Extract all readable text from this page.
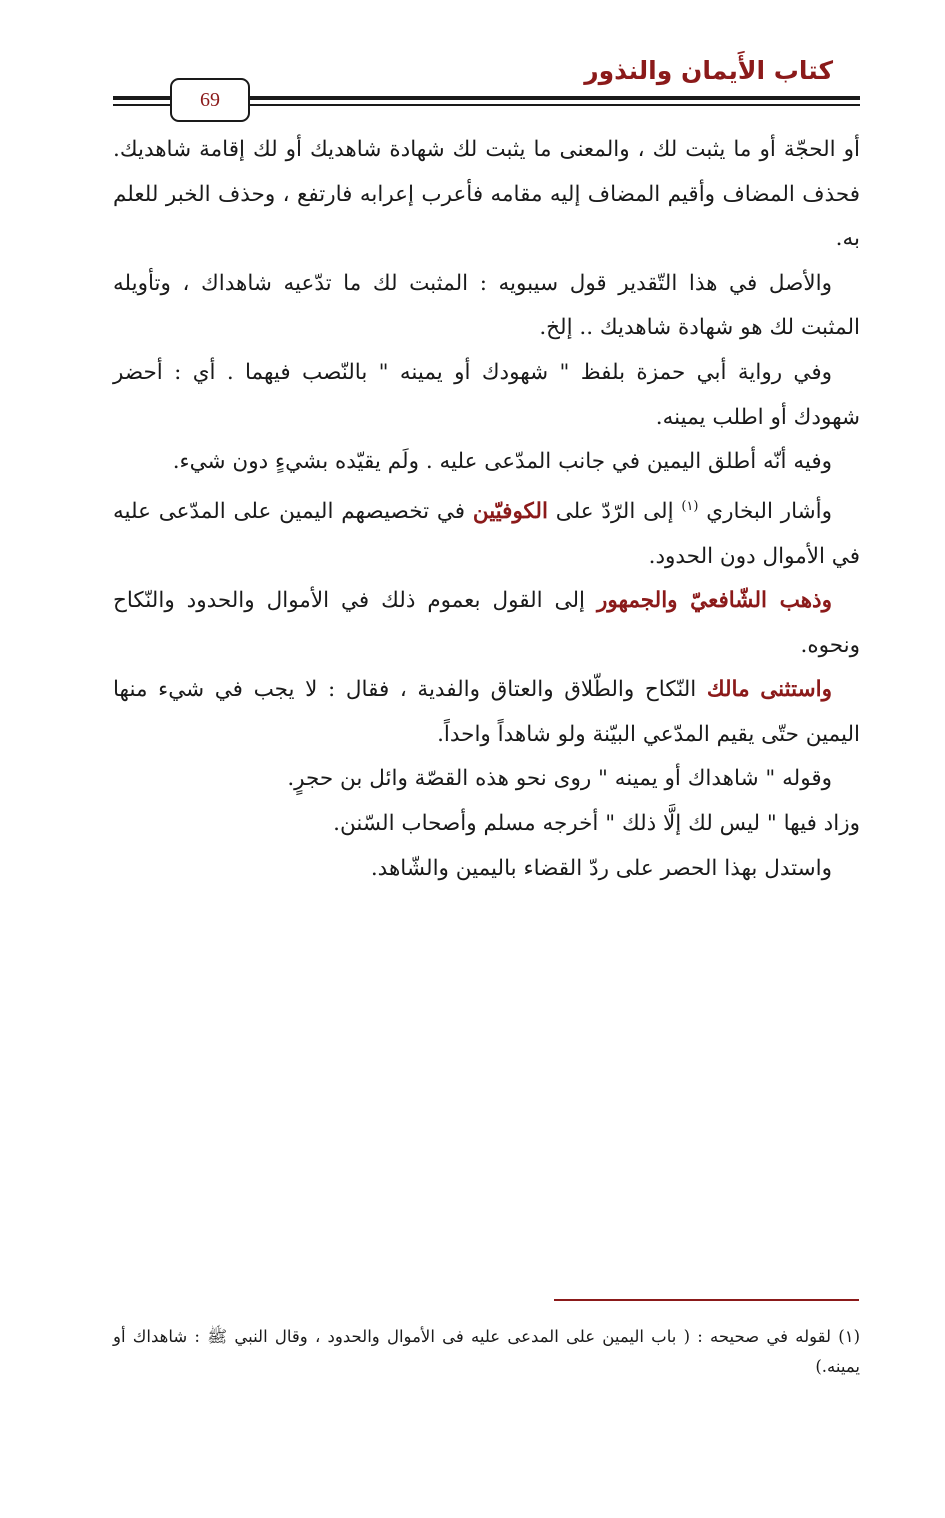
كتاب الأَيمان والنذور
69

أو الحجّة أو ما يثبت لك ، والمعنى ما يثبت لك شهادة شاهديك أو لك إقامة شاهديك. فحذف المضاف وأقيم المضاف إليه مقامه فأعرب إعرابه فارتفع ، وحذف الخبر للعلم به.

والأصل في هذا التّقدير قول سيبويه : المثبت لك ما تدّعيه شاهداك ، وتأويله المثبت لك هو شهادة شاهديك .. إلخ.

وفي رواية أبي حمزة بلفظ " شهودك أو يمينه " بالنّصب فيهما . أي : أحضر شهودك أو اطلب يمينه.

وفيه أنّه أطلق اليمين في جانب المدّعى عليه . ولَم يقيّده بشيءٍ دون شيء.

وأشار البخاري $^{(١)}$ إلى الرّدّ على الكوفيّين في تخصيصهم اليمين على المدّعى عليه في الأموال دون الحدود.

وذهب الشّافعيّ والجمهور إلى القول بعموم ذلك في الأموال والحدود والنّكاح ونحوه.

واستثنى مالك النّكاح والطّلاق والعتاق والفدية ، فقال : لا يجب في شيء منها اليمين حتّى يقيم المدّعي البيّنة ولو شاهداً واحداً.

وقوله " شاهداك أو يمينه " روى نحو هذه القصّة وائل بن حجرٍ.

وزاد فيها " ليس لك إلَّا ذلك " أخرجه مسلم وأصحاب السّنن.

واستدل بهذا الحصر على ردّ القضاء باليمين والشّاهد.

(١) لقوله في صحيحه : ( باب اليمين على المدعى عليه فى الأموال والحدود ، وقال النبي ﷺ : شاهداك أو يمينه.)
